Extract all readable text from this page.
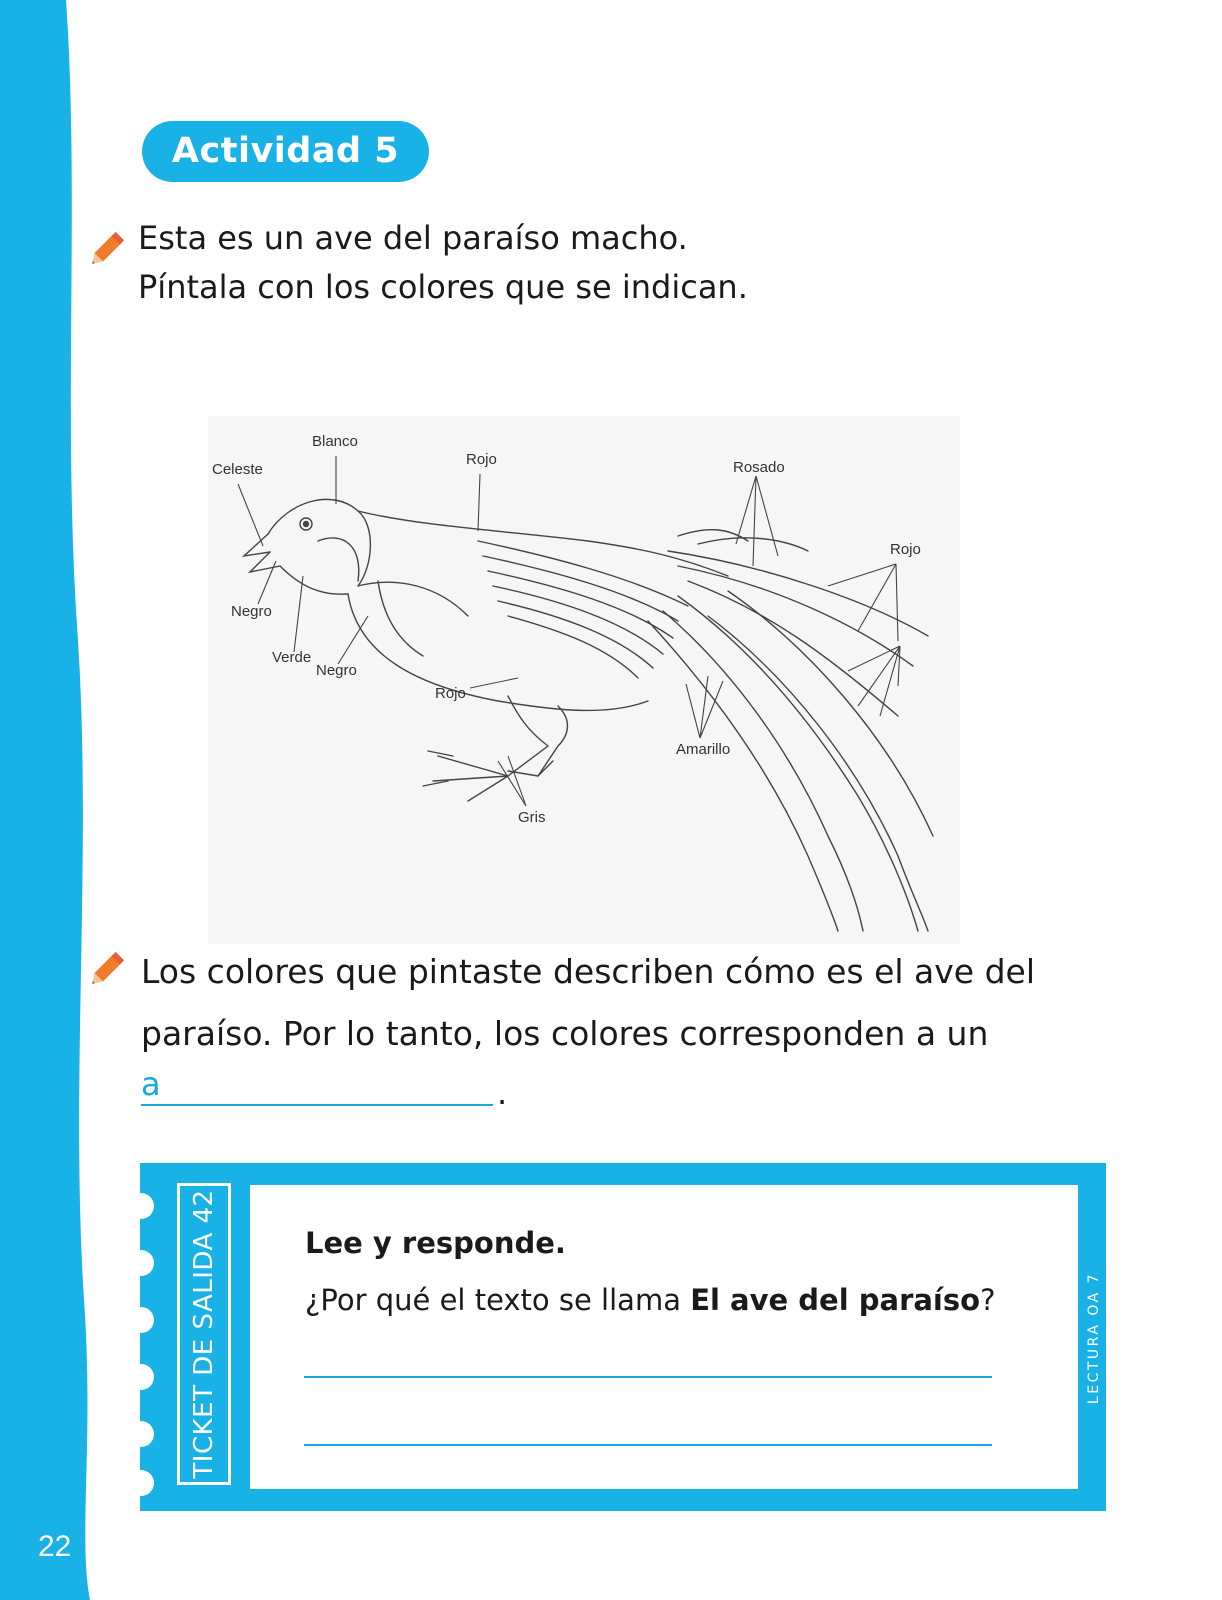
22
Actividad 5
Esta es un ave del paraíso macho.
Píntala con los colores que se indican.
Celeste
Blanco
Rojo	Rosado
Rojo
Negro
Verde
Negro
Rojo
Amarillo
Gris
Los colores que pintaste describen cómo es el ave del
paraíso. Por lo tanto, los colores corresponden a un
a	.
TICKET DE SALIDA 42	LECTURA OA 7
Lee y responde.
¿Por qué el texto se llama El ave del paraíso?
